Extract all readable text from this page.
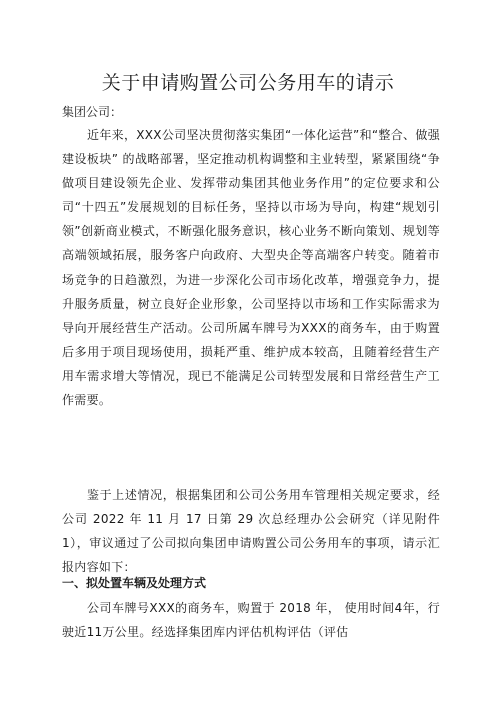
关于申请购置公司公务用车的请示
集团公司：

近年来，XXX公司坚决贯彻落实集团“一体化运营”和“整合、做强建设板块” 的战略部署，坚定推动机构调整和主业转型，紧紧围绕“争做项目建设领先企业、发挥带动集团其他业务作用”的定位要求和公司“十四五”发展规划的目标任务，坚持以市场为导向，构建“规划引领”创新商业模式，不断强化服务意识，核心业务不断向策划、规划等高端领域拓展，服务客户向政府、大型央企等高端客户转变。随着市场竞争的日趋激烈，为进一步深化公司市场化改革，增强竞争力，提升服务质量，树立良好企业形象，公司坚持以市场和工作实际需求为导向开展经营生产活动。公司所属车牌号为XXX的商务车，由于购置后多用于项目现场使用，损耗严重、维护成本较高，且随着经营生产用车需求增大等情况，现已不能满足公司转型发展和日常经营生产工作需要。

鉴于上述情况，根据集团和公司公务用车管理相关规定要求，经公司 2022 年 11 月 17 日第 29 次总经理办公会研究（详见附件1），审议通过了公司拟向集团申请购置公司公务用车的事项，请示汇报内容如下：

一、拟处置车辆及处理方式

公司车牌号XXX的商务车，购置于 2018 年， 使用时间4年，行驶近11万公里。经选择集团库内评估机构评估（评估
